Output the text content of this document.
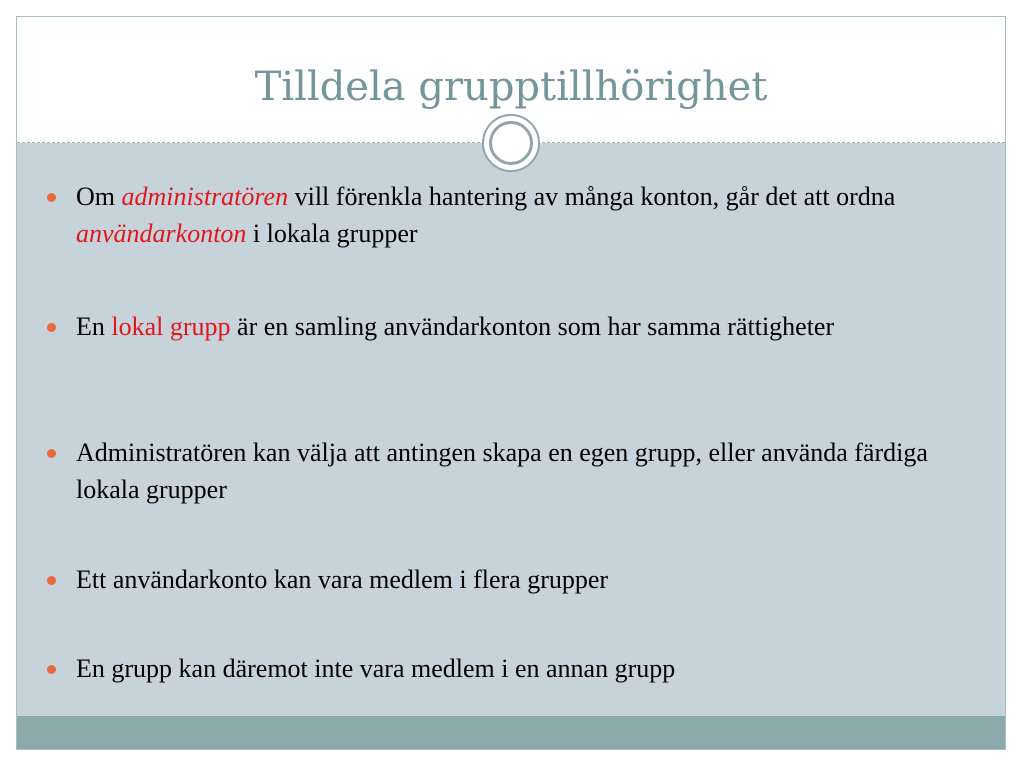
Tilldela grupptillhörighet
Om administratören vill förenkla hantering av många konton, går det att ordna användarkonton i lokala grupper
En lokal grupp är en samling användarkonton som har samma rättigheter
Administratören kan välja att antingen skapa en egen grupp, eller använda färdiga lokala grupper
Ett användarkonto kan vara medlem i flera grupper
En grupp kan däremot inte vara medlem i en annan grupp
